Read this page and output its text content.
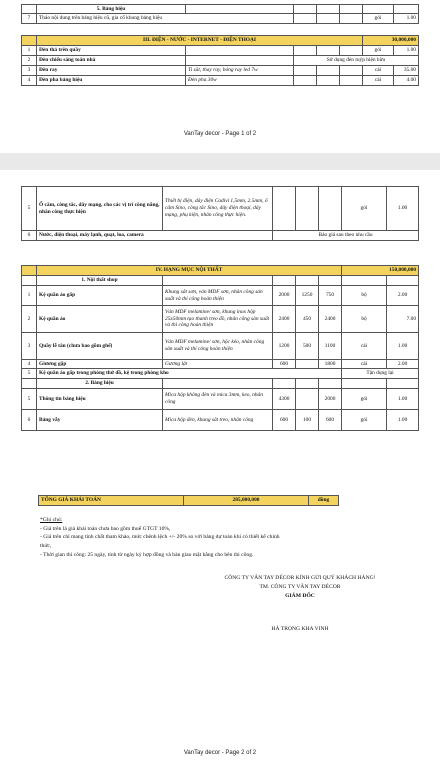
	5. Bảng hiệu						
7	Tháo nội dung trên bảng hiệu cũ, gia cố khung bảng hiệu					gói	1.00

	III. ĐIỆN - NƯỚC - INTERNET - ĐIỆN THOẠI					30,000,000	
1	Đèn thả trên quầy					gói	1.00
2	Đèn chiếu sáng toàn nhà		Sử dụng đèn tuýp hiện hữu				
3	Đèn ray	Ti sắt, thay ray, bóng ray led 7w				cái	35.00
4	Đèn pha bảng hiệu	Đèn pha 30w				cái	4.00
VanTay decor - Page 1 of 2
5	Ổ cắm, công tắc, dây mạng, cho các vị trí công năng, nhân công thực hiện	Thiết bị điện, dây điện Cadivi 1,5mm, 2.5mm, ổ cắm Sino, công tắc Sino, dây điện thoại, dây mạng, phụ kiện, nhân công thực hiện.				gói	1.00
6	Nước, điện thoại, máy lạnh, quạt, loa, camera		Báo giá sau theo nhu cầu				
	IV. HẠNG MỤC NỘI THẤT					150,000,000	
	1. Nội thất shop						
1	Kệ quần áo gấp	Khung sắt sơn, ván MDF sơn, nhân công sản xuất và thi công hoàn thiện	2000	1250	750	bộ	2.00
2	Kệ quần áo	Ván MDF melamine/ sơn, khung inox hộp 25x50mm tạo thanh treo đồ, nhân công sản xuất và thi công hoàn thiện	2400	450	2400	bộ	7.00
3	Quầy lễ tân (chưa bao gồm ghế)	Ván MDF melamine/ sơn, hộc kéo, nhân công sản xuất và thi công hoàn thiện	1200	500	1100	cái	1.00
4	Giương gặp	Gương lật	600		1800	cái	2.00
5	Kệ quần áo gấp trong phòng thử đồ, kệ trong phòng kho					Tận dụng lại	
	2. Bảng hiệu						
5	Thông tin bảng hiệu	Mica hộp không đèn và mica 3mm, keo, nhân công	4300		2000	gói	1.00
6	Bảng vẫy	Mica hộp đèn, khung sắt treo, nhân công	600	100	600	gói	1.00
TỔNG GIÁ KHÁI TOÁN	285,000,000	đồng
*Ghi chú:
- Giá trên là giá khái toán chưa bao gồm thuế GTGT 10%,
- Giá trên chỉ mang tính chất tham khảo, mức chênh lệch +/- 20% so với bảng dự toán khi có thiết kế chính
thức,
- Thời gian thi công: 25 ngày, tính từ ngày ký hợp đồng và bàn giao mặt bằng cho bên thi công.
CÔNG TY VÂN TAY DÉCOR KÍNH GỬI QUÝ KHÁCH HÀNG!
TM. CÔNG TY VÂN TAY DÉCOR
GIÁM ĐỐC
HÀ TRỌNG KHA VINH
VanTay decor - Page 2 of 2
